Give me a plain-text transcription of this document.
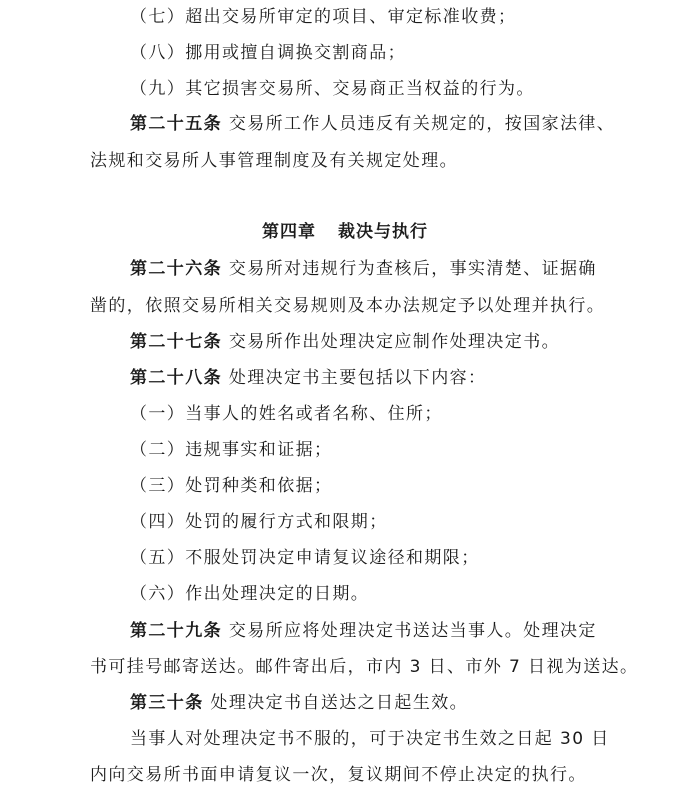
（七）超出交易所审定的项目、审定标准收费；
（八）挪用或擅自调换交割商品；
（九）其它损害交易所、交易商正当权益的行为。
第二十五条 交易所工作人员违反有关规定的，按国家法律、
法规和交易所人事管理制度及有关规定处理。
第四章 裁决与执行
第二十六条 交易所对违规行为查核后，事实清楚、证据确
凿的，依照交易所相关交易规则及本办法规定予以处理并执行。
第二十七条 交易所作出处理决定应制作处理决定书。
第二十八条 处理决定书主要包括以下内容：
（一）当事人的姓名或者名称、住所；
（二）违规事实和证据；
（三）处罚种类和依据；
（四）处罚的履行方式和限期；
（五）不服处罚决定申请复议途径和期限；
（六）作出处理决定的日期。
第二十九条 交易所应将处理决定书送达当事人。处理决定
书可挂号邮寄送达。邮件寄出后，市内 3 日、市外 7 日视为送达。
第三十条 处理决定书自送达之日起生效。
当事人对处理决定书不服的，可于决定书生效之日起 30 日
内向交易所书面申请复议一次，复议期间不停止决定的执行。
